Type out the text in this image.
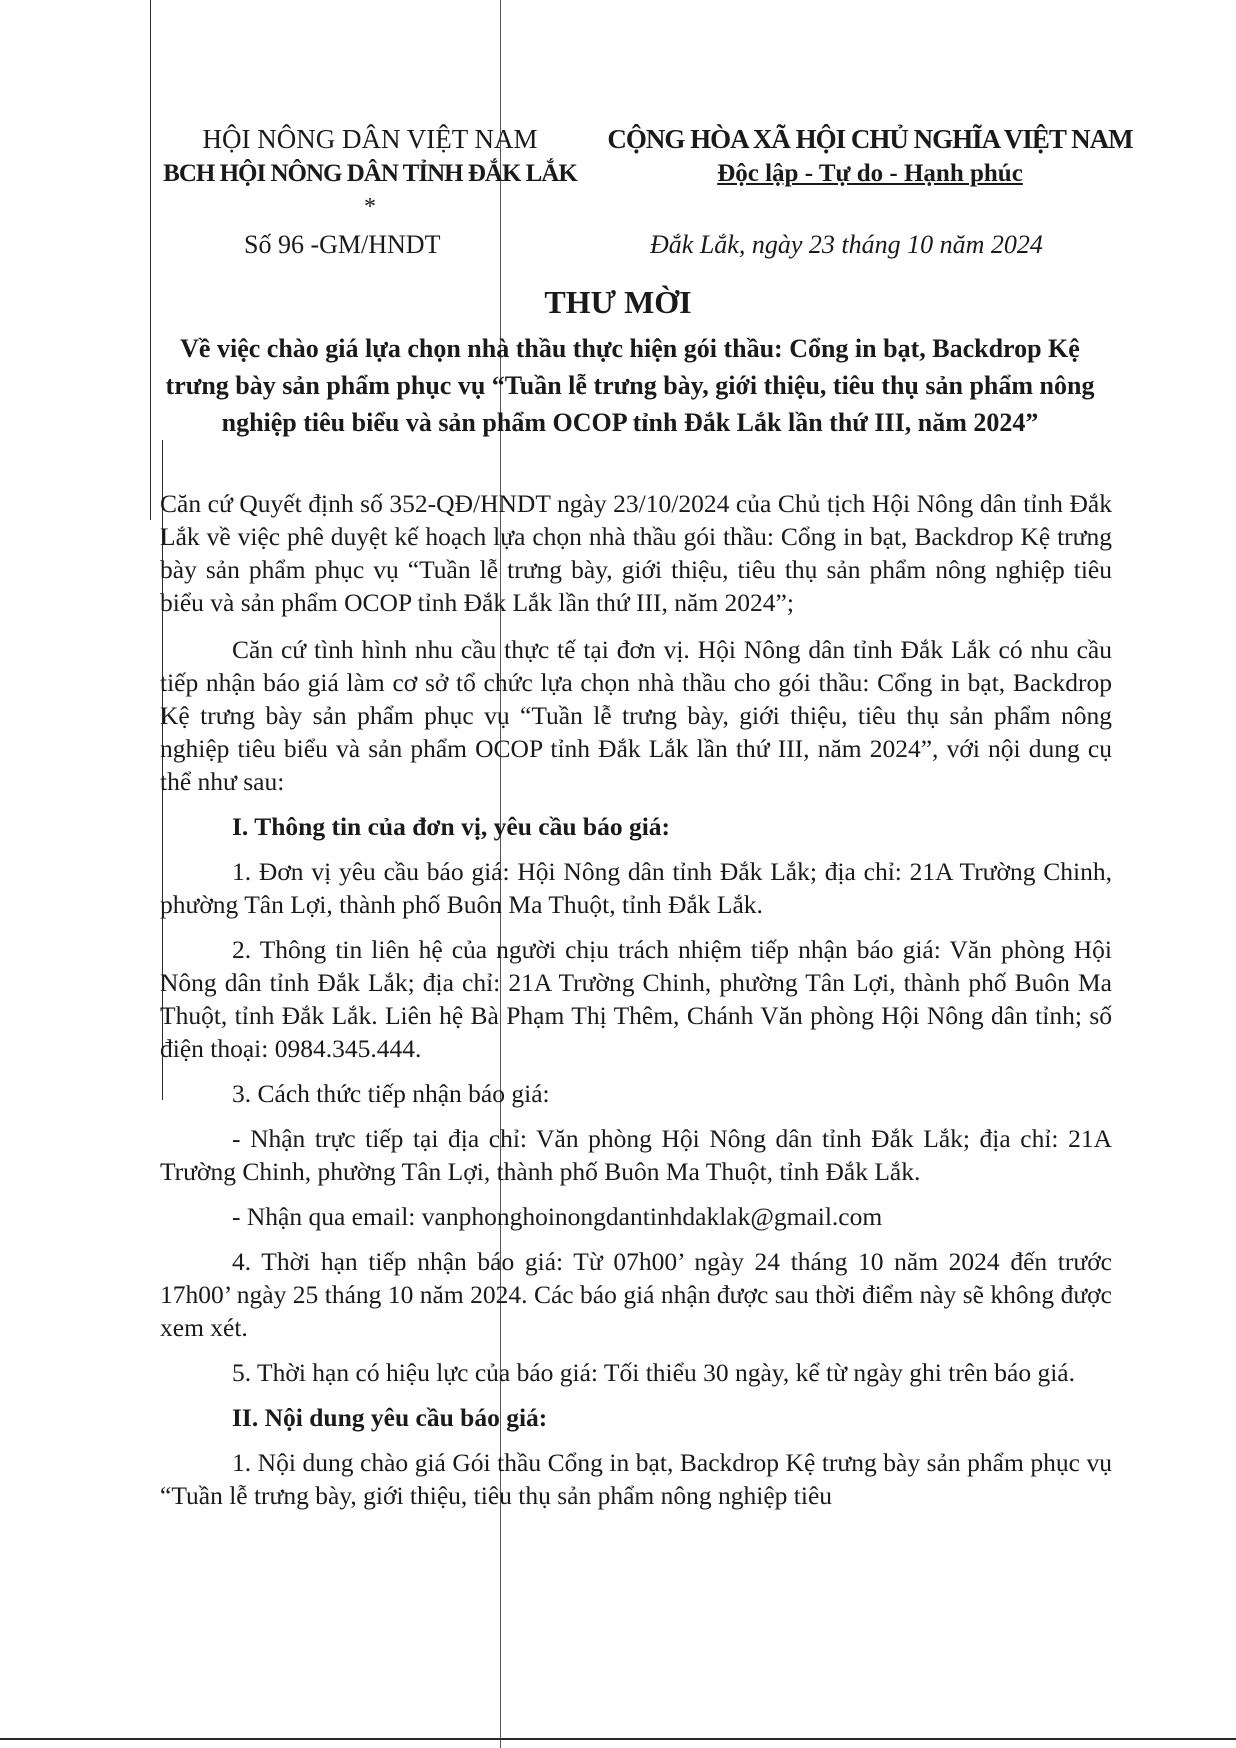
HỘI NÔNG DÂN VIỆT NAM
BCH HỘI NÔNG DÂN TỈNH ĐẮK LẮK
*
CỘNG HÒA XÃ HỘI CHỦ NGHĨA VIỆT NAM
Độc lập - Tự do - Hạnh phúc
Số 96 -GM/HNDT	Đắk Lắk, ngày 23 tháng 10 năm 2024
THƯ MỜI
Về việc chào giá lựa chọn nhà thầu thực hiện gói thầu: Cổng in bạt, Backdrop Kệ trưng bày sản phẩm phục vụ “Tuần lễ trưng bày, giới thiệu, tiêu thụ sản phẩm nông nghiệp tiêu biểu và sản phẩm OCOP tỉnh Đắk Lắk lần thứ III, năm 2024”

Căn cứ Quyết định số 352-QĐ/HNDT ngày 23/10/2024 của Chủ tịch Hội Nông dân tỉnh Đắk Lắk về việc phê duyệt kế hoạch lựa chọn nhà thầu gói thầu: Cổng in bạt, Backdrop Kệ trưng bày sản phẩm phục vụ “Tuần lễ trưng bày, giới thiệu, tiêu thụ sản phẩm nông nghiệp tiêu biểu và sản phẩm OCOP tỉnh Đắk Lắk lần thứ III, năm 2024”;

Căn cứ tình hình nhu cầu thực tế tại đơn vị. Hội Nông dân tỉnh Đắk Lắk có nhu cầu tiếp nhận báo giá làm cơ sở tổ chức lựa chọn nhà thầu cho gói thầu: Cổng in bạt, Backdrop Kệ trưng bày sản phẩm phục vụ “Tuần lễ trưng bày, giới thiệu, tiêu thụ sản phẩm nông nghiệp tiêu biểu và sản phẩm OCOP tỉnh Đắk Lắk lần thứ III, năm 2024”, với nội dung cụ thể như sau:

I. Thông tin của đơn vị, yêu cầu báo giá:

1. Đơn vị yêu cầu báo giá: Hội Nông dân tỉnh Đắk Lắk; địa chỉ: 21A Trường Chinh, phường Tân Lợi, thành phố Buôn Ma Thuột, tỉnh Đắk Lắk.

2. Thông tin liên hệ của người chịu trách nhiệm tiếp nhận báo giá: Văn phòng Hội Nông dân tỉnh Đắk Lắk; địa chỉ: 21A Trường Chinh, phường Tân Lợi, thành phố Buôn Ma Thuột, tỉnh Đắk Lắk. Liên hệ Bà Phạm Thị Thêm, Chánh Văn phòng Hội Nông dân tỉnh; số điện thoại: 0984.345.444.

3. Cách thức tiếp nhận báo giá:

- Nhận trực tiếp tại địa chỉ: Văn phòng Hội Nông dân tỉnh Đắk Lắk; địa chỉ: 21A Trường Chinh, phường Tân Lợi, thành phố Buôn Ma Thuột, tỉnh Đắk Lắk.

- Nhận qua email: vanphonghoinongdantinhdaklak@gmail.com

4. Thời hạn tiếp nhận báo giá: Từ 07h00’ ngày 24 tháng 10 năm 2024 đến trước 17h00’ ngày 25 tháng 10 năm 2024. Các báo giá nhận được sau thời điểm này sẽ không được xem xét.

5. Thời hạn có hiệu lực của báo giá: Tối thiểu 30 ngày, kể từ ngày ghi trên báo giá.

II. Nội dung yêu cầu báo giá:

1. Nội dung chào giá Gói thầu Cổng in bạt, Backdrop Kệ trưng bày sản phẩm phục vụ “Tuần lễ trưng bày, giới thiệu, tiêu thụ sản phẩm nông nghiệp tiêu
